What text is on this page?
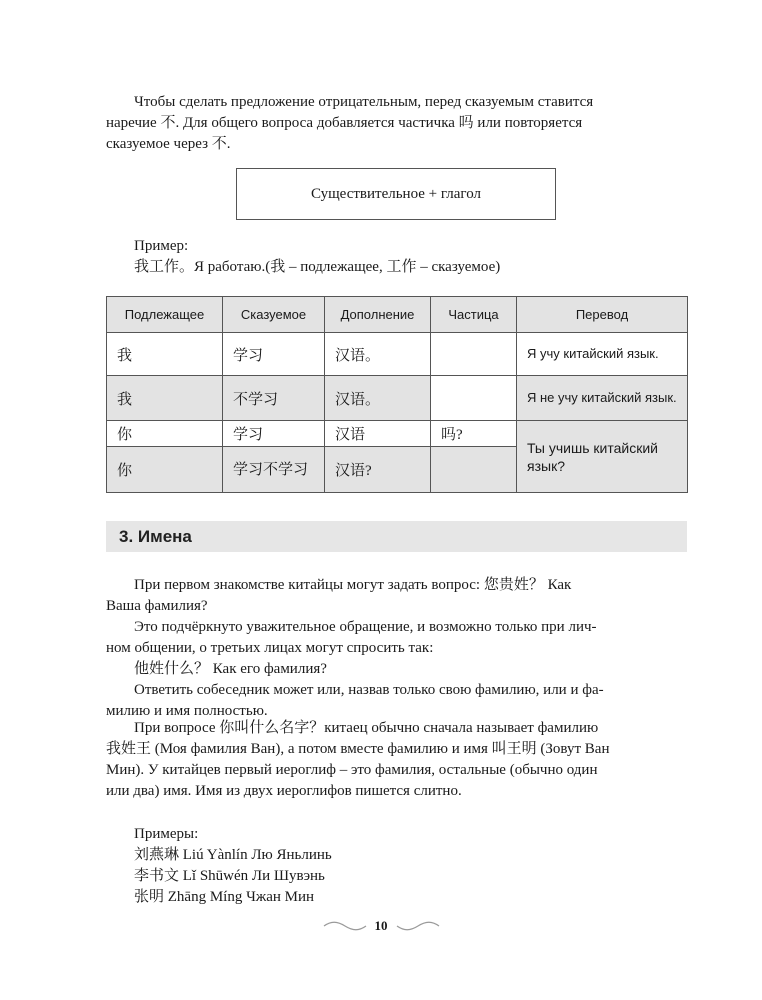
Чтобы сделать предложение отрицательным, перед сказуемым ставится
наречие 不. Для общего вопроса добавляется частичка 吗 или повторяется
сказуемое через 不.
Существительное + глагол
Пример:
我工作。Я работаю.(我 – подлежащее, 工作 – сказуемое)
Подлежащее	Сказуемое	Дополнение	Частица	Перевод
我	学习	汉语。		Я учу китайский язык.
我	不学习	汉语。		Я не учу китайский язык.
你	学习	汉语	吗?	Ты учишь китайский язык?
你	学习不学习	汉语?		
3. Имена
При первом знакомстве китайцы могут задать вопрос: 您贵姓？ Как
Ваша фамилия?
Это подчёркнуто уважительное обращение, и возможно только при лич-
ном общении, о третьих лицах могут спросить так:
他姓什么？ Как его фамилия?
Ответить собеседник может или, назвав только свою фамилию, или и фа-
милию и имя полностью.
При вопросе 你叫什么名字？китаец обычно сначала называет фамилию
我姓王 (Моя фамилия Ван), а потом вместе фамилию и имя 叫王明 (Зовут Ван
Мин). У китайцев первый иероглиф – это фамилия, остальные (обычно один
или два) имя. Имя из двух иероглифов пишется слитно.
Примеры:
刘燕琳 Liú Yànlín Лю Яньлинь
李书文 Lǐ Shūwén Ли Шувэнь
张明 Zhāng Míng Чжан Мин
10
